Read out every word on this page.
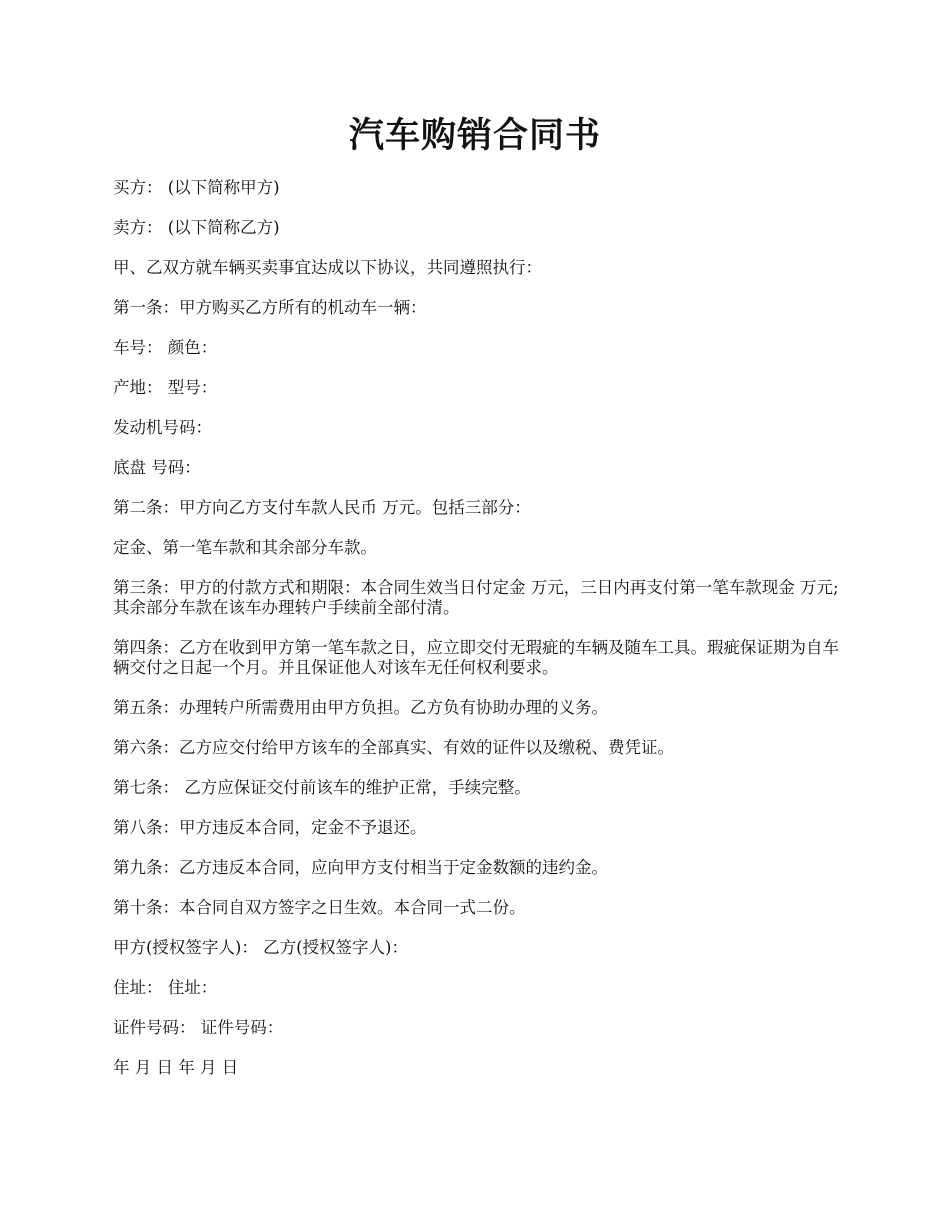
汽车购销合同书

买方： (以下简称甲方)

卖方： (以下简称乙方)

甲、乙双方就车辆买卖事宜达成以下协议，共同遵照执行：

第一条：甲方购买乙方所有的机动车一辆：

车号： 颜色：

产地： 型号：

发动机号码：

底盘 号码：

第二条：甲方向乙方支付车款人民币 万元。包括三部分：

定金、第一笔车款和其余部分车款。

第三条：甲方的付款方式和期限：本合同生效当日付定金 万元，三日内再支付第一笔车款现金 万元;其余部分车款在该车办理转户手续前全部付清。

第四条：乙方在收到甲方第一笔车款之日，应立即交付无瑕疵的车辆及随车工具。瑕疵保证期为自车辆交付之日起一个月。并且保证他人对该车无任何权利要求。

第五条：办理转户所需费用由甲方负担。乙方负有协助办理的义务。

第六条：乙方应交付给甲方该车的全部真实、有效的证件以及缴税、费凭证。

第七条： 乙方应保证交付前该车的维护正常，手续完整。

第八条：甲方违反本合同，定金不予退还。

第九条：乙方违反本合同，应向甲方支付相当于定金数额的违约金。

第十条：本合同自双方签字之日生效。本合同一式二份。

甲方(授权签字人)： 乙方(授权签字人)：

住址： 住址：

证件号码： 证件号码：

年 月 日 年 月 日
